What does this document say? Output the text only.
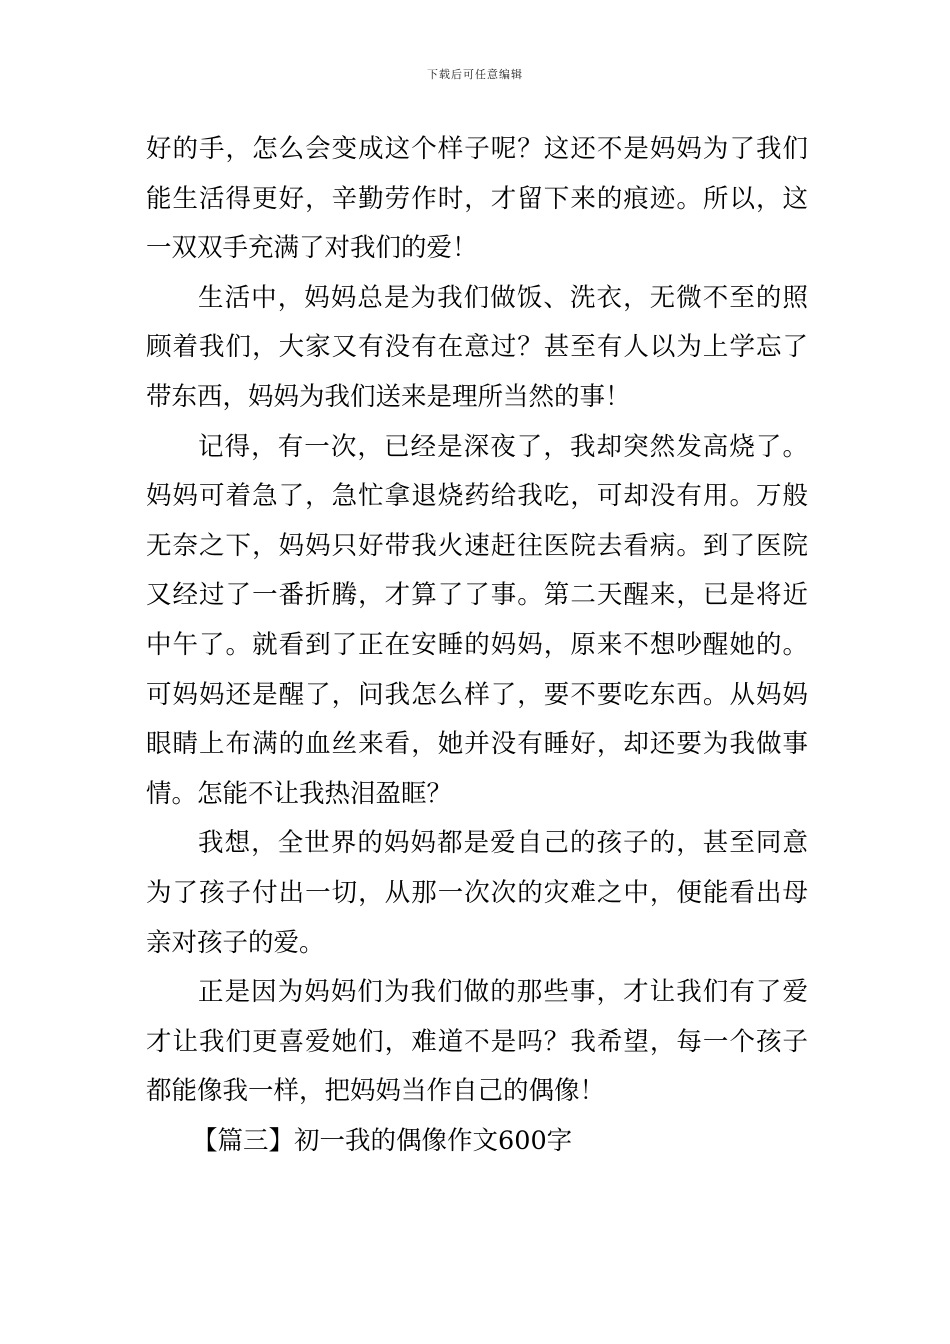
下载后可任意编辑
好的手，怎么会变成这个样子呢？这还不是妈妈为了我们
能生活得更好，辛勤劳作时，才留下来的痕迹。所以，这
一双双手充满了对我们的爱！
生活中，妈妈总是为我们做饭、洗衣，无微不至的照
顾着我们，大家又有没有在意过？甚至有人以为上学忘了
带东西，妈妈为我们送来是理所当然的事！
记得，有一次，已经是深夜了，我却突然发高烧了。
妈妈可着急了，急忙拿退烧药给我吃，可却没有用。万般
无奈之下，妈妈只好带我火速赶往医院去看病。到了医院
又经过了一番折腾，才算了了事。第二天醒来，已是将近
中午了。就看到了正在安睡的妈妈，原来不想吵醒她的。
可妈妈还是醒了，问我怎么样了，要不要吃东西。从妈妈
眼睛上布满的血丝来看，她并没有睡好，却还要为我做事
情。怎能不让我热泪盈眶？
我想，全世界的妈妈都是爱自己的孩子的，甚至同意
为了孩子付出一切，从那一次次的灾难之中，便能看出母
亲对孩子的爱。
正是因为妈妈们为我们做的那些事，才让我们有了爱
才让我们更喜爱她们，难道不是吗？我希望，每一个孩子
都能像我一样，把妈妈当作自己的偶像！
【篇三】初一我的偶像作文600字
